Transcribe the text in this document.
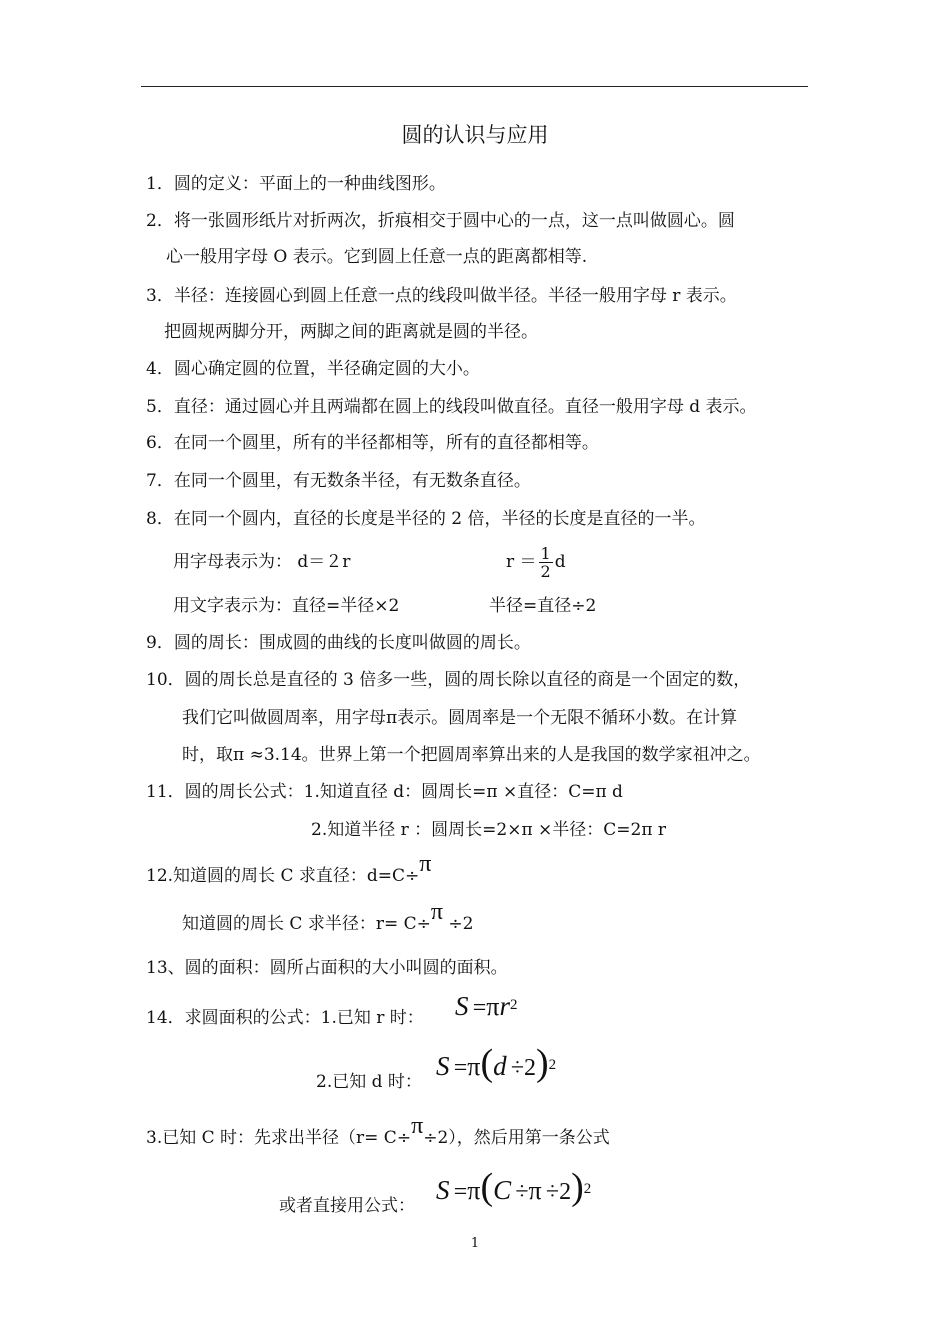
圆的认识与应用
1．圆的定义：平面上的一种曲线图形。
2．将一张圆形纸片对折两次，折痕相交于圆中心的一点，这一点叫做圆心。圆
心一般用字母 O 表示。它到圆上任意一点的距离都相等.
3．半径：连接圆心到圆上任意一点的线段叫做半径。半径一般用字母 r 表示。
把圆规两脚分开，两脚之间的距离就是圆的半径。
4．圆心确定圆的位置，半径确定圆的大小。
5．直径：通过圆心并且两端都在圆上的线段叫做直径。直径一般用字母 d 表示。
6．在同一个圆里，所有的半径都相等，所有的直径都相等。
7．在同一个圆里，有无数条半径，有无数条直径。
8．在同一个圆内，直径的长度是半径的 2 倍，半径的长度是直径的一半。
用字母表示为： d＝２r	$r = \frac{1}{2}$ d
用文字表示为：直径=半径×2	半径=直径÷2
9．圆的周长：围成圆的曲线的长度叫做圆的周长。
10．圆的周长总是直径的 3 倍多一些，圆的周长除以直径的商是一个固定的数，
我们它叫做圆周率，用字母π表示。圆周率是一个无限不循环小数。在计算
时，取π ≈3.14。世界上第一个把圆周率算出来的人是我国的数学家祖冲之。
11．圆的周长公式：1.知道直径 d：圆周长=π ×直径：C=π d
2.知道半径 r ：圆周长=2×π ×半径：C=2π r
12.知道圆的周长 C 求直径：d=C÷π
知道圆的周长 C 求半径：r= C÷π ÷2
13、圆的面积：圆所占面积的大小叫圆的面积。
14．求圆面积的公式：1.已知 r 时： S =πr2
2.已知 d 时：
S =π(d ÷2)2
3.已知 C 时：先求出半径（r= C÷π÷2），然后用第一条公式
或者直接用公式：
S =π(C ÷π ÷2)2
1
